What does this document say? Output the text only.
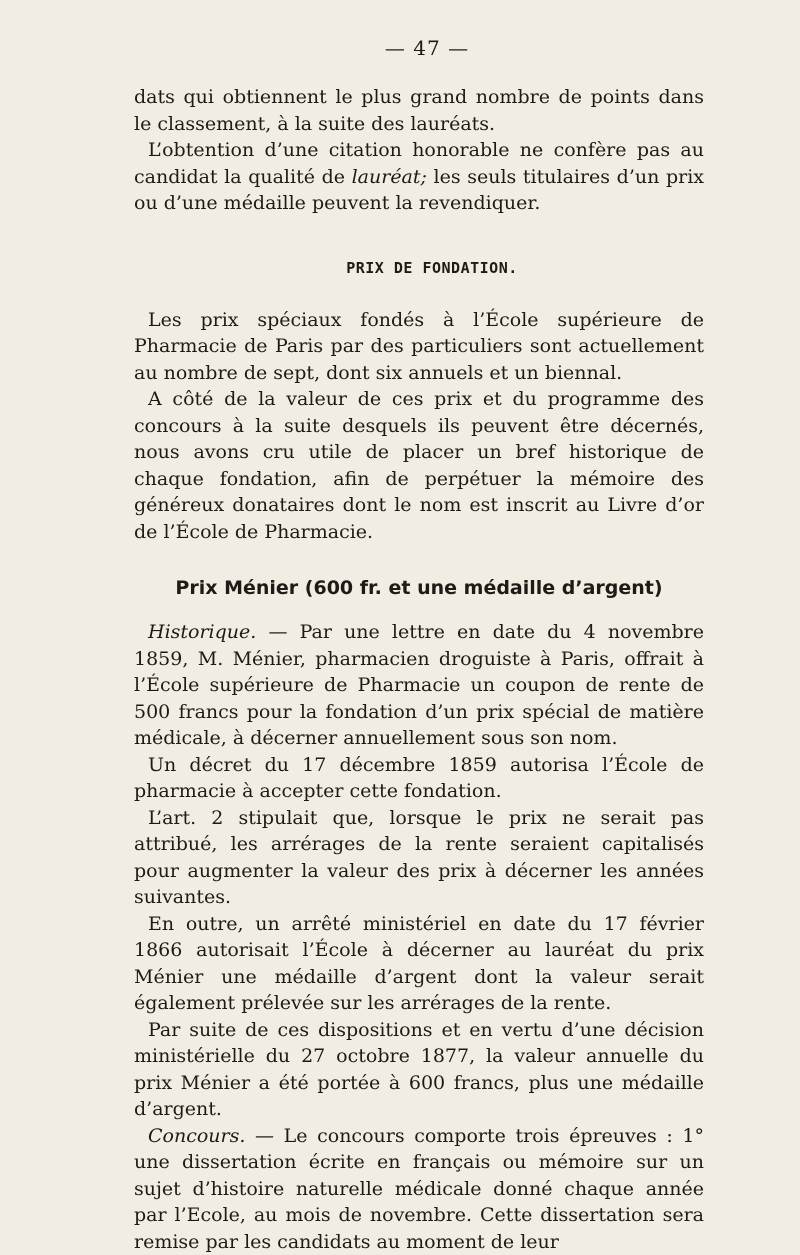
— 47 —

dats qui obtiennent le plus grand nombre de points dans le classement, à la suite des lauréats.

L’obtention d’une citation honorable ne confère pas au candidat la qualité de lauréat; les seuls titulaires d’un prix ou d’une médaille peuvent la revendiquer.

PRIX DE FONDATION.

Les prix spéciaux fondés à l’École supérieure de Pharmacie de Paris par des particuliers sont actuellement au nombre de sept, dont six annuels et un biennal.

A côté de la valeur de ces prix et du programme des concours à la suite desquels ils peuvent être décernés, nous avons cru utile de placer un bref historique de chaque fondation, afin de perpétuer la mémoire des généreux donataires dont le nom est inscrit au Livre d’or de l’École de Pharmacie.

Prix Ménier (600 fr. et une médaille d’argent)

Historique. — Par une lettre en date du 4 novembre 1859, M. Ménier, pharmacien droguiste à Paris, offrait à l’École supérieure de Pharmacie un coupon de rente de 500 francs pour la fondation d’un prix spécial de matière médicale, à décerner annuellement sous son nom.

Un décret du 17 décembre 1859 autorisa l’École de pharmacie à accepter cette fondation.

L’art. 2 stipulait que, lorsque le prix ne serait pas attribué, les arrérages de la rente seraient capitalisés pour augmenter la valeur des prix à décerner les années suivantes.

En outre, un arrêté ministériel en date du 17 février 1866 autorisait l’École à décerner au lauréat du prix Ménier une médaille d’argent dont la valeur serait également prélevée sur les arrérages de la rente.

Par suite de ces dispositions et en vertu d’une décision ministérielle du 27 octobre 1877, la valeur annuelle du prix Ménier a été portée à 600 francs, plus une médaille d’argent.

Concours. — Le concours comporte trois épreuves : 1° une dissertation écrite en français ou mémoire sur un sujet d’histoire naturelle médicale donné chaque année par l’Ecole, au mois de novembre. Cette dissertation sera remise par les candidats au moment de leur
